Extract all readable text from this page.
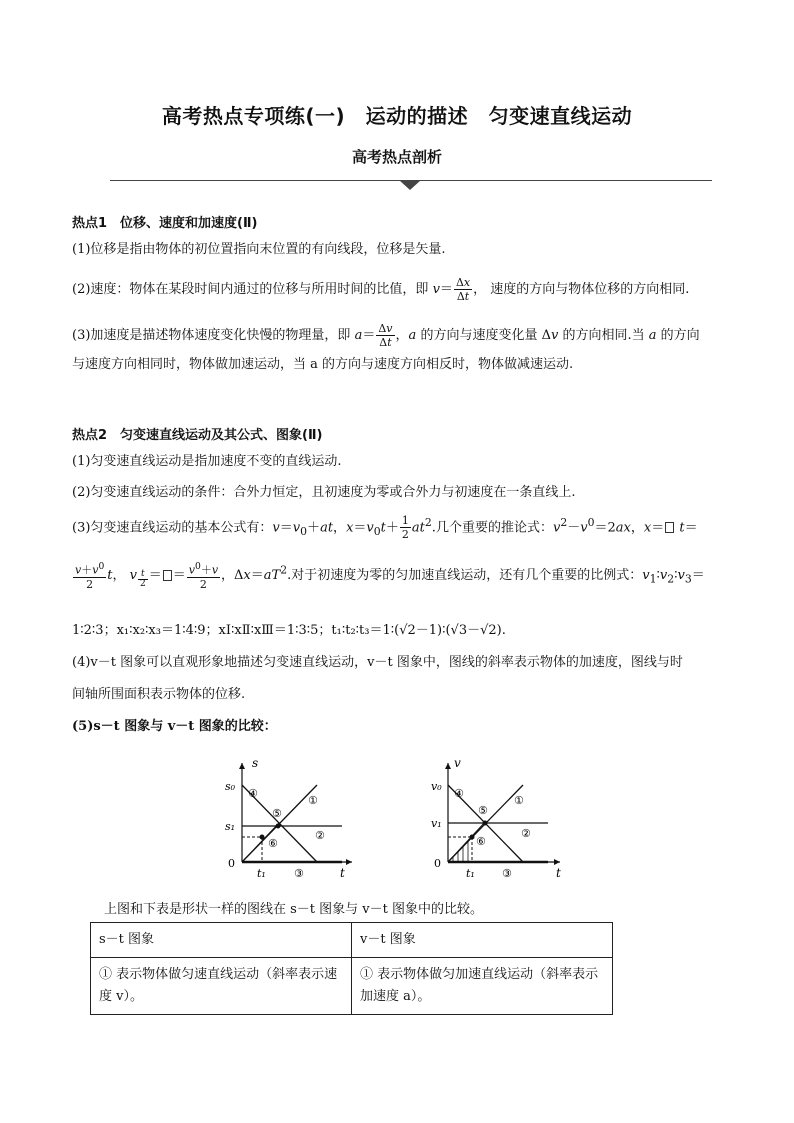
高考热点专项练(一)　运动的描述　匀变速直线运动
高考热点剖析
热点1　位移、速度和加速度(Ⅱ)
(1)位移是指由物体的初位置指向末位置的有向线段，位移是矢量.
(2)速度：物体在某段时间内通过的位移与所用时间的比值，即 $v= \frac{\Delta x}{\Delta t}$ ， 速度的方向与物体位移的方向相同.
(3)加速度是描述物体速度变化快慢的物理量，即 $a= \frac{\Delta v}{\Delta t}$ ，a 的方向与速度变化量 Δv 的方向相同.当 a 的方向
与速度方向相同时，物体做加速运动，当 a 的方向与速度方向相反时，物体做减速运动.
热点2　匀变速直线运动及其公式、图象(Ⅱ)
(1)匀变速直线运动是指加速度不变的直线运动.
(2)匀变速直线运动的条件：合外力恒定，且初速度为零或合外力与初速度在一条直线上.
(3)匀变速直线运动的基本公式有：$v=v_0+at$，$x=v_0t+ \frac{1}{2} at^2$.几个重要的推论式：$v^2-v^0=2ax$，x＝ t＝
$\frac{v+v^0}{2}$ t， v $_{\frac{t}{2}}$ ＝ ＝ $\frac{v^0+v}{2}$ ，$\Delta x=aT^2$.对于初速度为零的匀加速直线运动，还有几个重要的比例式：$v_1∶v_2∶v_3=$
1∶2∶3；x₁∶x₂∶x₃＝1∶4∶9；xⅠ∶xⅡ∶xⅢ＝1∶3∶5；t₁∶t₂∶t₃＝1∶(√2－1)∶(√3－√2).
(4)v－t 图象可以直观形象地描述匀变速直线运动，v－t 图象中，图线的斜率表示物体的加速度，图线与时
间轴所围面积表示物体的位移.
(5)s－t 图象与 v－t 图象的比较：
s
t
0
s₀
s₁
t₁
④
⑤
①
②
⑥
③
v
t
0
v₀
v₁
t₁
④
⑤
①
②
⑥
③
上图和下表是形状一样的图线在 s－t 图象与 v－t 图象中的比较。
s－t 图象	v－t 图象
① 表示物体做匀速直线运动（斜率表示速度 v）。	① 表示物体做匀加速直线运动（斜率表示加速度 a）。
